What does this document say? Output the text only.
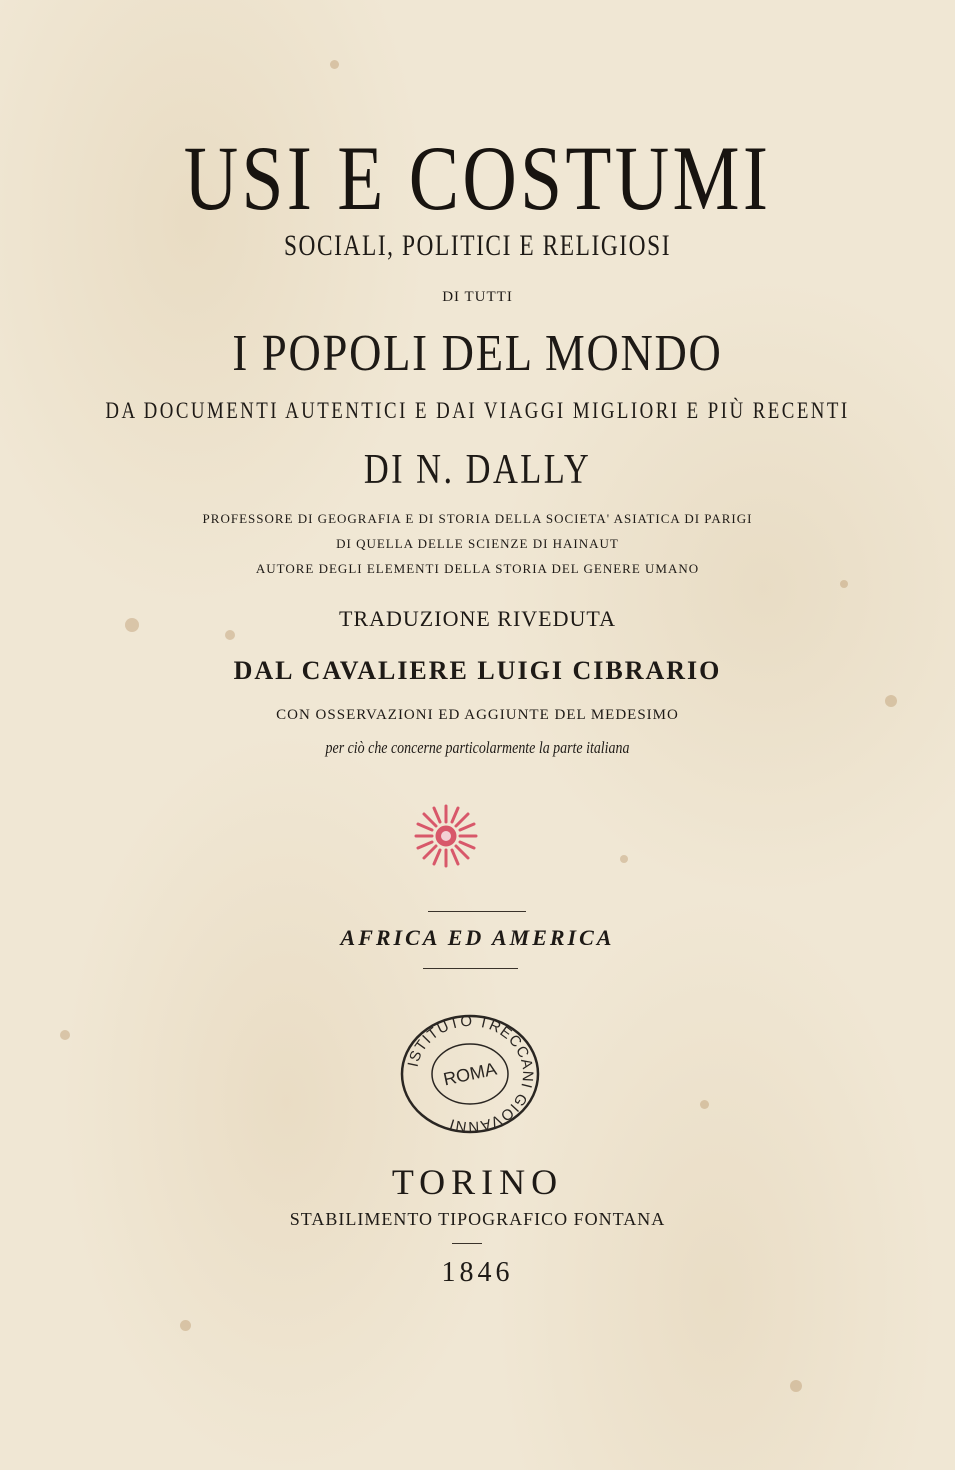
USI E COSTUMI
SOCIALI, POLITICI E RELIGIOSI
DI TUTTI
I POPOLI DEL MONDO
DA DOCUMENTI AUTENTICI E DAI VIAGGI MIGLIORI E PIÙ RECENTI
DI N. DALLY
PROFESSORE DI GEOGRAFIA E DI STORIA DELLA SOCIETA' ASIATICA DI PARIGI
DI QUELLA DELLE SCIENZE DI HAINAUT
AUTORE DEGLI ELEMENTI DELLA STORIA DEL GENERE UMANO
TRADUZIONE RIVEDUTA
DAL CAVALIERE LUIGI CIBRARIO
CON OSSERVAZIONI ED AGGIUNTE DEL MEDESIMO
per ciò che concerne particolarmente la parte italiana
AFRICA ED AMERICA
ISTITUTO TRECCANI GIOVANNI
ROMA
TORINO
STABILIMENTO TIPOGRAFICO FONTANA
1846
